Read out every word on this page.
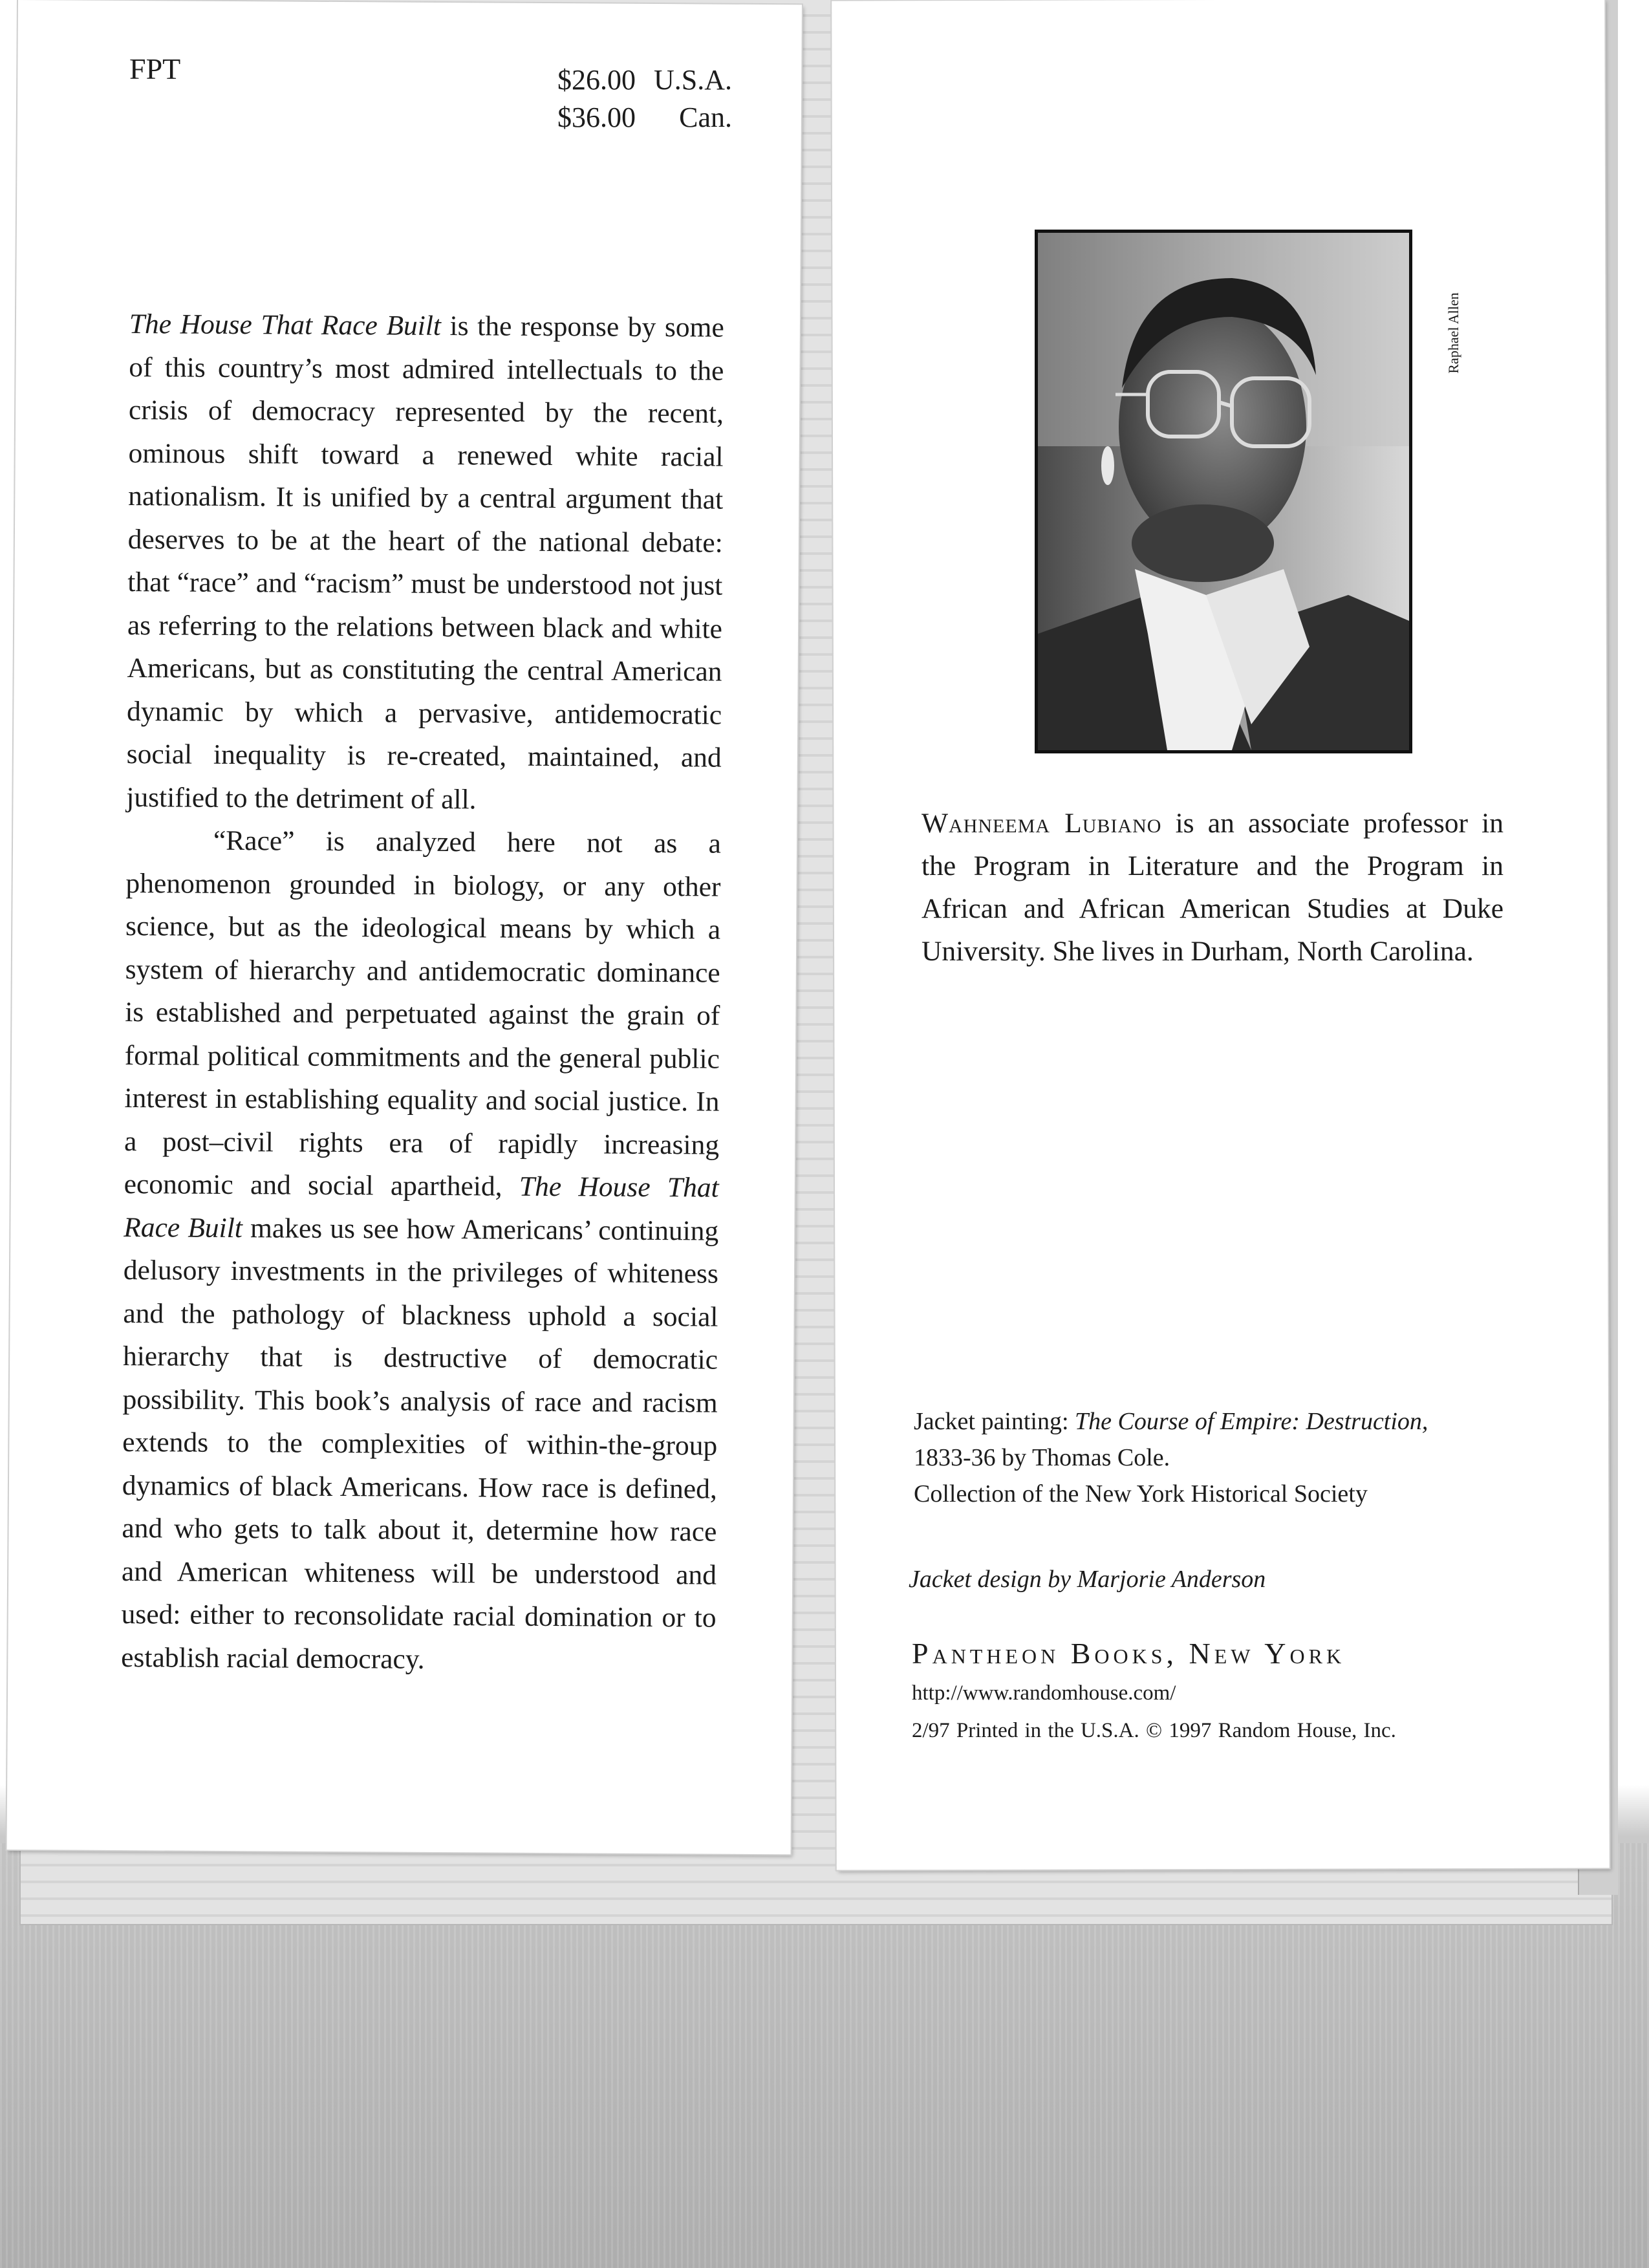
FPT	$26.00 U.S.A.
$36.00 Can.

The House That Race Built is the response by some of this country’s most admired intellectuals to the crisis of democracy represented by the recent, ominous shift toward a renewed white racial nationalism. It is unified by a central argument that deserves to be at the heart of the national debate: that “race” and “racism” must be understood not just as referring to the relations between black and white Americans, but as constituting the central American dynamic by which a pervasive, antidemocratic social inequality is re-created, maintained, and justified to the detriment of all.

“Race” is analyzed here not as a phenomenon grounded in biology, or any other science, but as the ideological means by which a system of hierarchy and antidemocratic dominance is established and perpetuated against the grain of formal political commitments and the general public interest in establishing equality and social justice. In a post–civil rights era of rapidly increasing economic and social apartheid, The House That Race Built makes us see how Americans’ continuing delusory investments in the privileges of whiteness and the pathology of blackness uphold a social hierarchy that is destructive of democratic possibility. This book’s analysis of race and racism extends to the complexities of within-the-group dynamics of black Americans. How race is defined, and who gets to talk about it, determine how race and American whiteness will be understood and used: either to reconsolidate racial domination or to establish racial democracy.

Raphael Allen
Wahneema Lubiano is an associate professor in the Program in Literature and the Program in African and African American Studies at Duke University. She lives in Durham, North Carolina.
Jacket painting: The Course of Empire: Destruction,
1833-36 by Thomas Cole.
Collection of the New York Historical Society
Jacket design by Marjorie Anderson
Pantheon Books, New York
http://www.randomhouse.com/
2/97 Printed in the U.S.A. © 1997 Random House, Inc.
